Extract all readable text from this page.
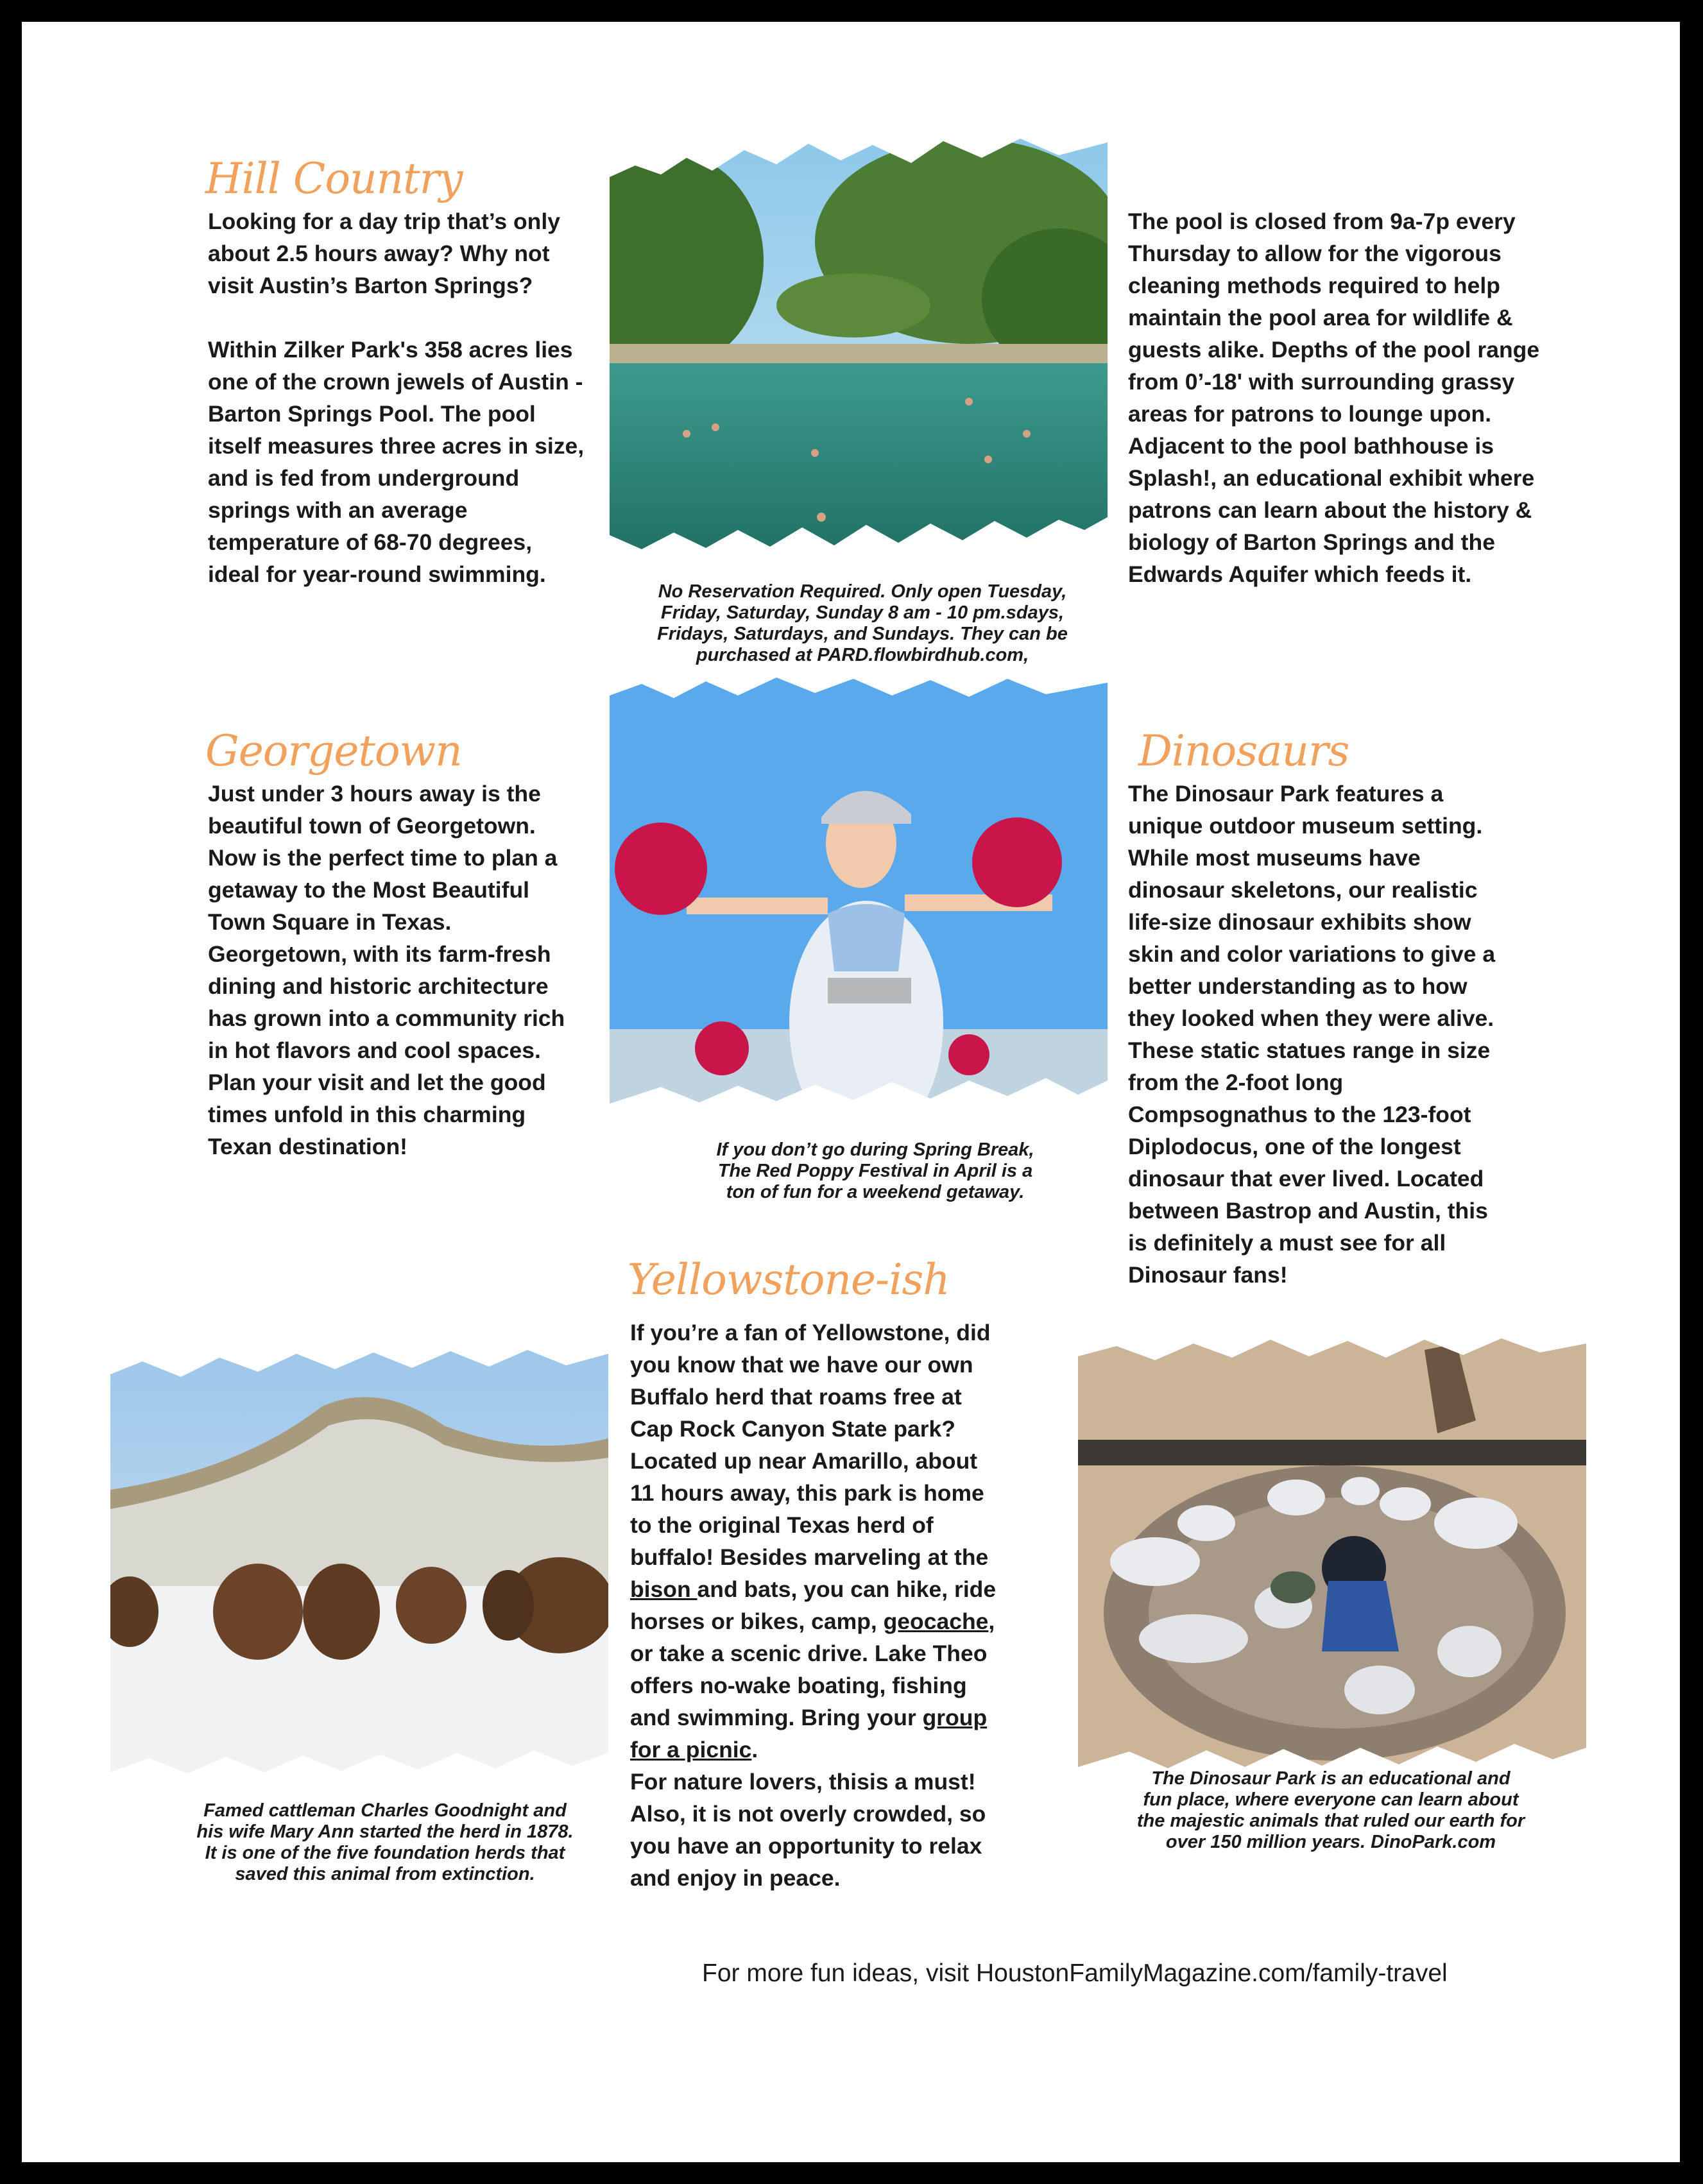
Hill Country
Looking for a day trip that’s only
about 2.5 hours away? Why not
visit Austin’s Barton Springs?
Within Zilker Park's 358 acres lies
one of the crown jewels of Austin -
Barton Springs Pool. The pool
itself measures three acres in size,
and is fed from underground
springs with an average
temperature of 68-70 degrees,
ideal for year-round swimming.
No Reservation Required. Only open Tuesday,
Friday, Saturday, Sunday 8 am - 10 pm.sdays,
Fridays, Saturdays, and Sundays. They can be
purchased at PARD.flowbirdhub.com,
The pool is closed from 9a-7p every
Thursday to allow for the vigorous
cleaning methods required to help
maintain the pool area for wildlife &
guests alike. Depths of the pool range
from 0’-18' with surrounding grassy
areas for patrons to lounge upon.
Adjacent to the pool bathhouse is
Splash!, an educational exhibit where
patrons can learn about the history &
biology of Barton Springs and the
Edwards Aquifer which feeds it.
Georgetown
Just under 3 hours away is the
beautiful town of Georgetown.
Now is the perfect time to plan a
getaway to the Most Beautiful
Town Square in Texas.
Georgetown, with its farm-fresh
dining and historic architecture
has grown into a community rich
in hot flavors and cool spaces.
Plan your visit and let the good
times unfold in this charming
Texan destination!	If you don’t go during Spring Break,
The Red Poppy Festival in April is a
ton of fun for a weekend getaway.
Dinosaurs
The Dinosaur Park features a
unique outdoor museum setting.
While most museums have
dinosaur skeletons, our realistic
life-size dinosaur exhibits show
skin and color variations to give a
better understanding as to how
they looked when they were alive.
These static statues range in size
from the 2-foot long
Compsognathus to the 123-foot
Diplodocus, one of the longest
dinosaur that ever lived. Located
between Bastrop and Austin, this
is definitely a must see for all
Dinosaur fans!
Yellowstone-ish
If you’re a fan of Yellowstone, did
you know that we have our own
Buffalo herd that roams free at
Cap Rock Canyon State park?
Located up near Amarillo, about
11 hours away, this park is home
to the original Texas herd of
buffalo! Besides marveling at the
bison and bats, you can hike, ride
horses or bikes, camp, geocache,
or take a scenic drive. Lake Theo
offers no-wake boating, fishing
and swimming. Bring your group
for a picnic.
For nature lovers, thisis a must!
Also, it is not overly crowded, so
you have an opportunity to relax
and enjoy in peace.
Famed cattleman Charles Goodnight and
his wife Mary Ann started the herd in 1878.
It is one of the five foundation herds that
saved this animal from extinction.
The Dinosaur Park is an educational and
fun place, where everyone can learn about
the majestic animals that ruled our earth for
over 150 million years. DinoPark.com
For more fun ideas, visit HoustonFamilyMagazine.com/family-travel
